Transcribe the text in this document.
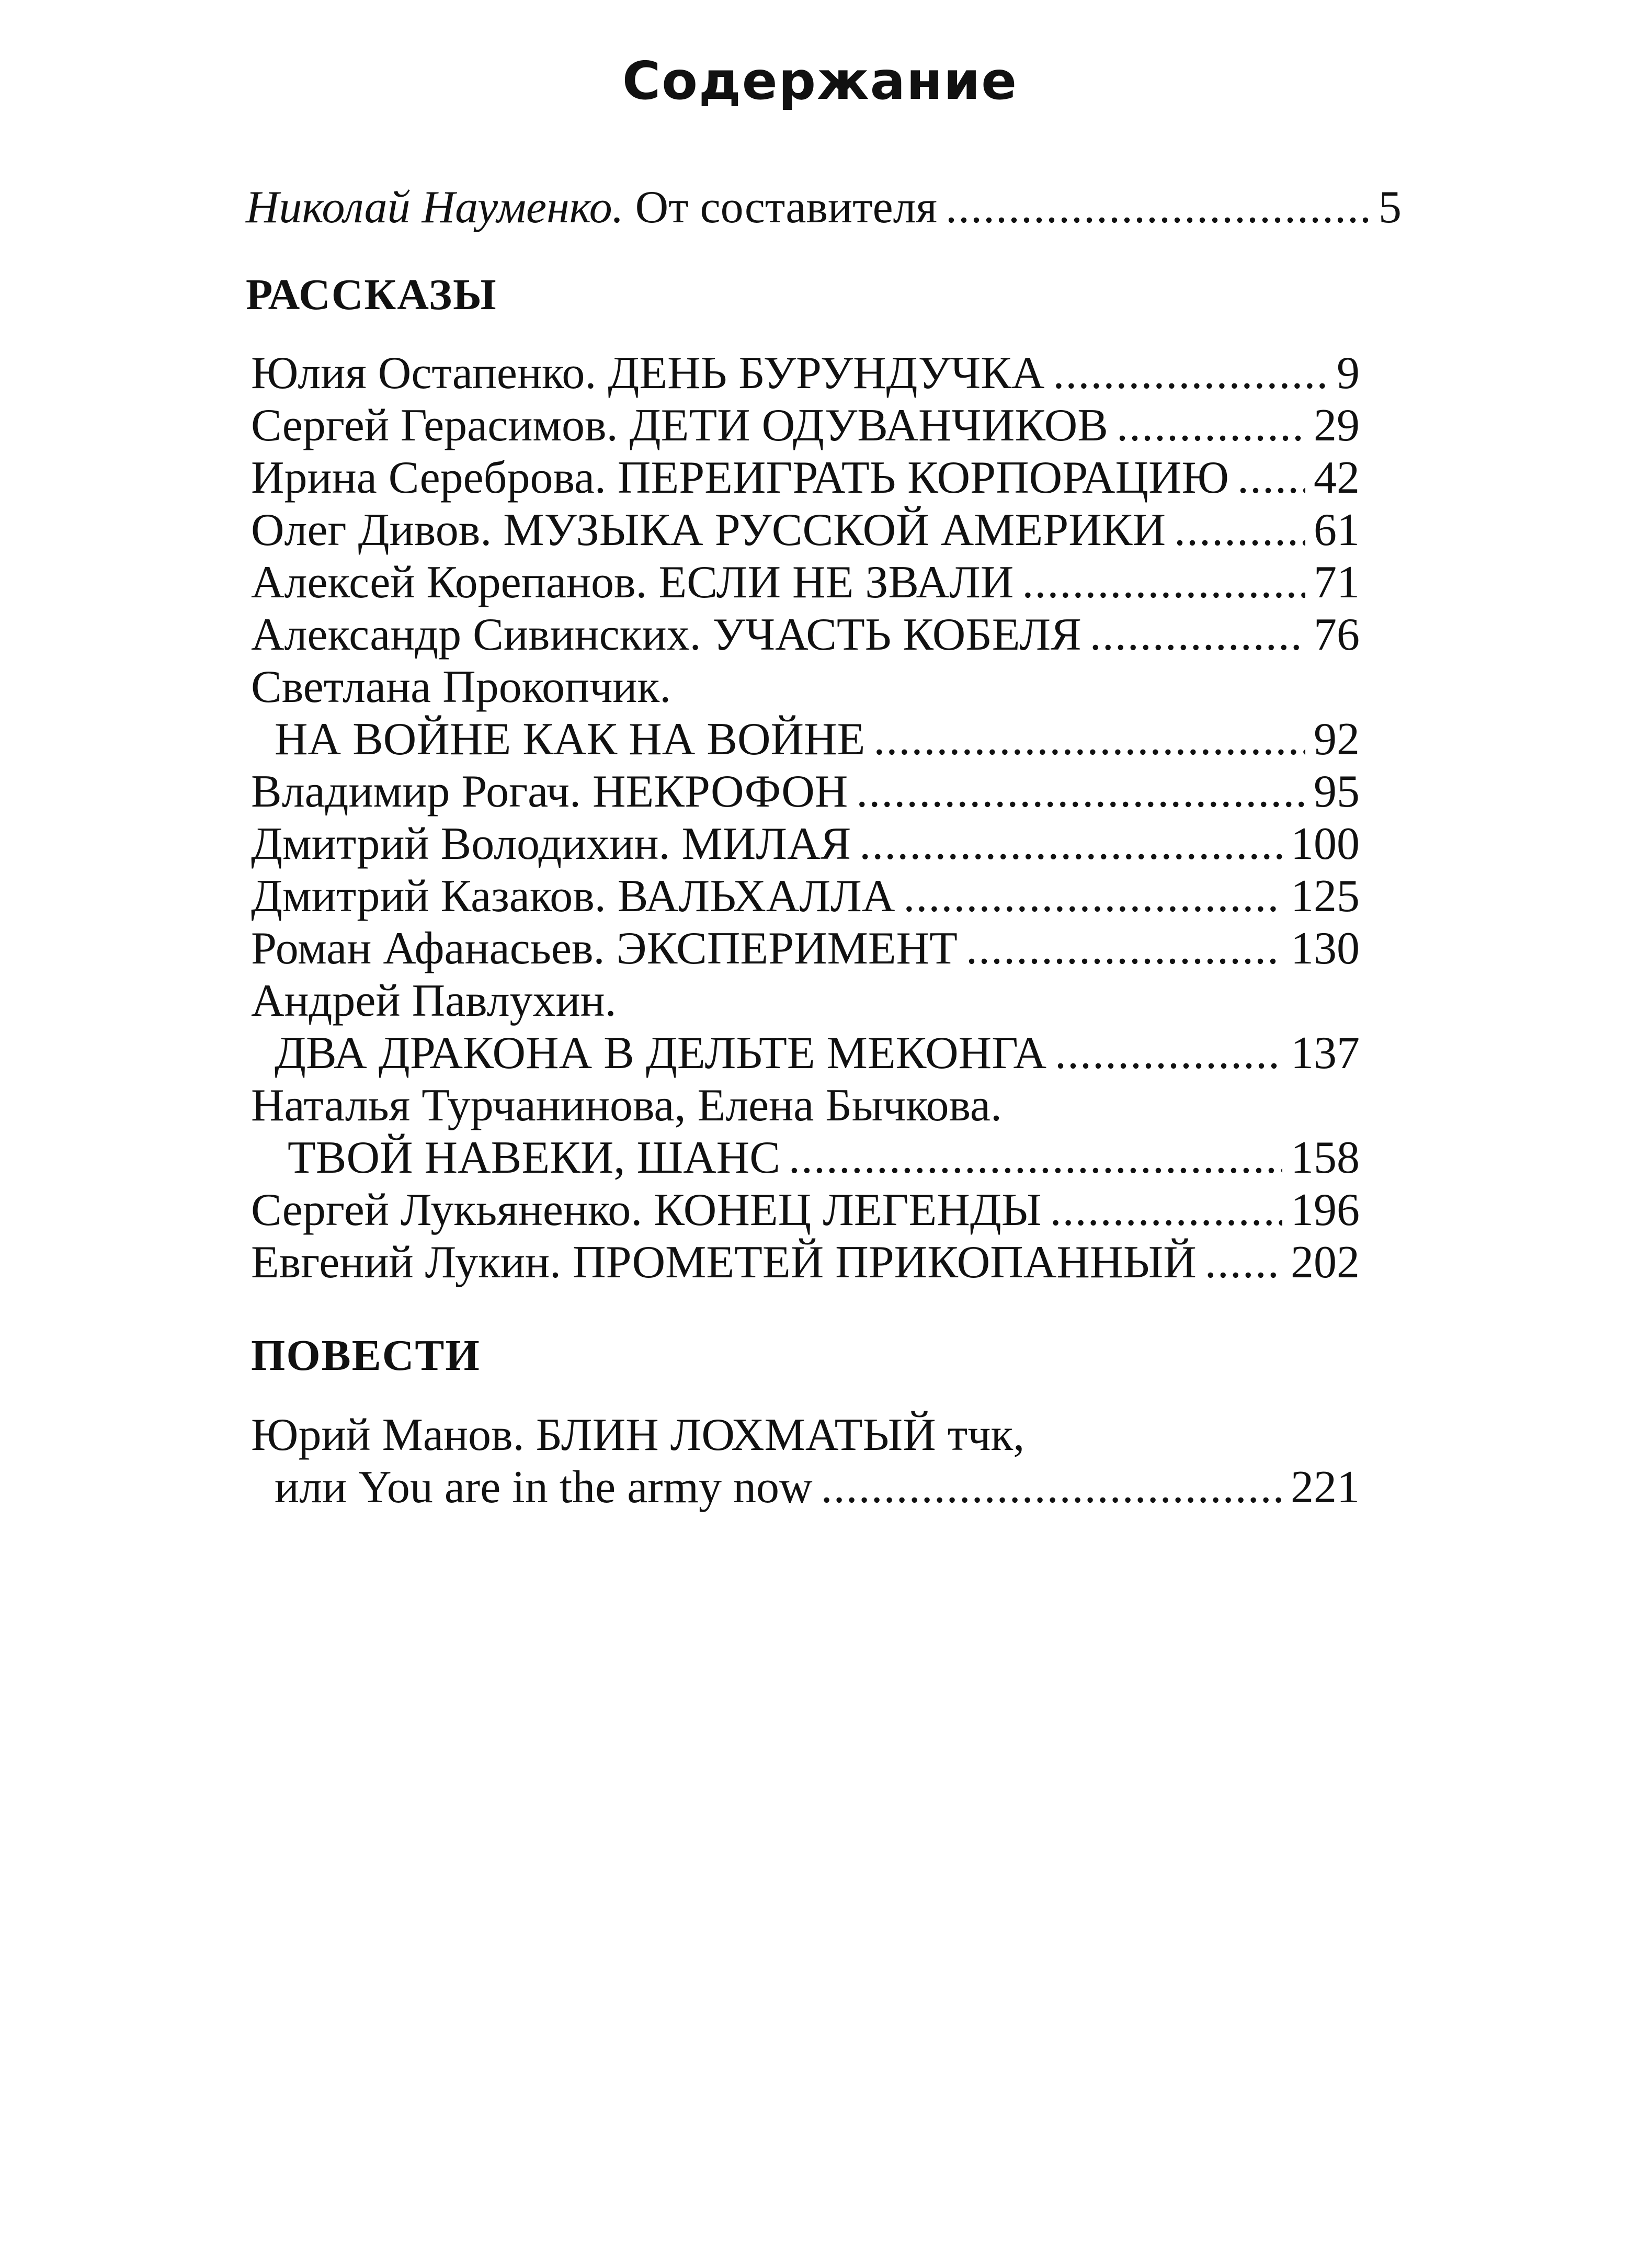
Содержание
Николай Науменко. От составителя .....	5
РАССКАЗЫ
Юлия Остапенко. ДЕНЬ БУРУНДУЧКА .....	9
Сергей Герасимов. ДЕТИ ОДУВАНЧИКОВ .....	29
Ирина Сереброва. ПЕРЕИГРАТЬ КОРПОРАЦИЮ ..... 42
Олег Дивов. МУЗЫКА РУССКОЙ АМЕРИКИ .....	61
Алексей Корепанов. ЕСЛИ НЕ ЗВАЛИ .....	71
Александр Сивинских. УЧАСТЬ КОБЕЛЯ .....	76
Светлана Прокопчик.
НА ВОЙНЕ КАК НА ВОЙНЕ .....	92
Владимир Рогач. НЕКРОФОН .....	95
Дмитрий Володихин. МИЛАЯ .....	100
Дмитрий Казаков. ВАЛЬХАЛЛА .....	125
Роман Афанасьев. ЭКСПЕРИМЕНТ .....	130
Андрей Павлухин.
ДВА ДРАКОНА В ДЕЛЬТЕ МЕКОНГА .....	137
Наталья Турчанинова, Елена Бычкова.
ТВОЙ НАВЕКИ, ШАНС .....	158
Сергей Лукьяненко. КОНЕЦ ЛЕГЕНДЫ .....	196
Евгений Лукин. ПРОМЕТЕЙ ПРИКОПАННЫЙ ..... 202
ПОВЕСТИ
Юрий Манов. БЛИН ЛОХМАТЫЙ тчк,
или You are in the army now .....	221
